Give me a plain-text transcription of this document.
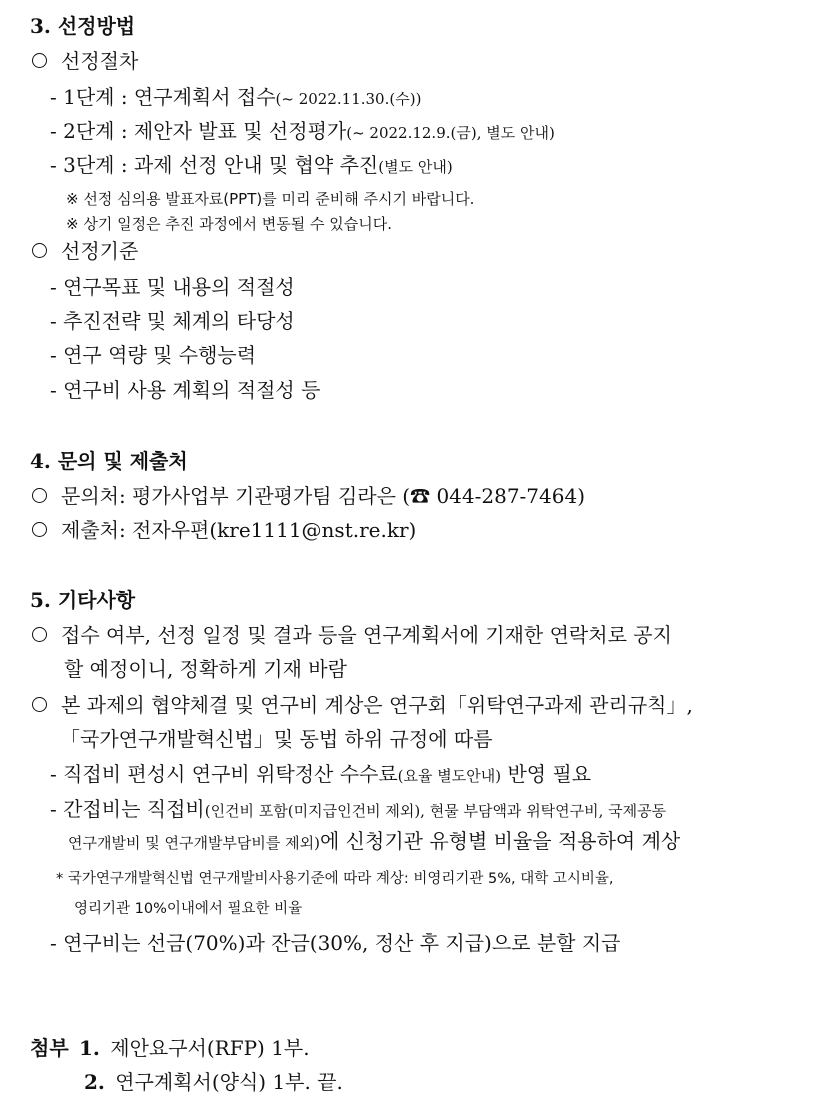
3. 선정방법
선정절차
- 1단계 : 연구계획서 접수(~ 2022.11.30.(수))
- 2단계 : 제안자 발표 및 선정평가(~ 2022.12.9.(금), 별도 안내)
- 3단계 : 과제 선정 안내 및 협약 추진(별도 안내)
※ 선정 심의용 발표자료(PPT)를 미리 준비해 주시기 바랍니다.
※ 상기 일정은 추진 과정에서 변동될 수 있습니다.
선정기준
- 연구목표 및 내용의 적절성
- 추진전략 및 체계의 타당성
- 연구 역량 및 수행능력
- 연구비 사용 계획의 적절성 등
4. 문의 및 제출처
문의처: 평가사업부 기관평가팀 김라은 (☎ 044-287-7464)
제출처: 전자우편(kre1111@nst.re.kr)
5. 기타사항
접수 여부, 선정 일정 및 결과 등을 연구계획서에 기재한 연락처로 공지
할 예정이니, 정확하게 기재 바람
본 과제의 협약체결 및 연구비 계상은 연구회「위탁연구과제 관리규칙」,
「국가연구개발혁신법」및 동법 하위 규정에 따름
- 직접비 편성시 연구비 위탁정산 수수료(요율 별도안내) 반영 필요
- 간접비는 직접비(인건비 포함(미지급인건비 제외), 현물 부담액과 위탁연구비, 국제공동
연구개발비 및 연구개발부담비를 제외)에 신청기관 유형별 비율을 적용하여 계상
* 국가연구개발혁신법 연구개발비사용기준에 따라 계상: 비영리기관 5%, 대학 고시비율,
영리기관 10%이내에서 필요한 비율
- 연구비는 선금(70%)과 잔금(30%, 정산 후 지급)으로 분할 지급
첨부 1. 제안요구서(RFP) 1부.
2. 연구계획서(양식) 1부. 끝.
